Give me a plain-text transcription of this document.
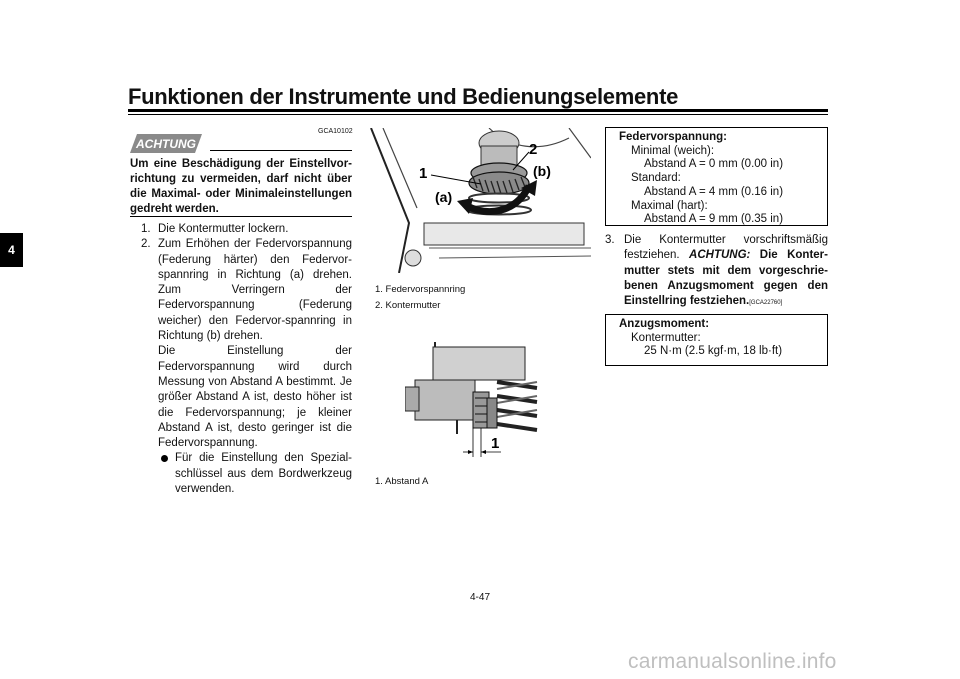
Funktionen der Instrumente und Bedienungselemente
4
GCA10102
ACHTUNG
Um eine Beschädigung der Einstellvor-richtung zu vermeiden, darf nicht über die Maximal- oder Minimaleinstellungen gedreht werden.
1. Die Kontermutter lockern.

2. Zum Erhöhen der Federvorspannung (Federung härter) den Federvor-spannring in Richtung (a) drehen. Zum Verringern der Federvorspannung (Federung weicher) den Federvor-spannring in Richtung (b) drehen.

Die Einstellung der Federvorspannung wird durch Messung von Abstand A bestimmt. Je größer Abstand A ist, desto höher ist die Federvorspannung; je kleiner Abstand A ist, desto geringer ist die Federvorspannung.

Für die Einstellung den Spezial-schlüssel aus dem Bordwerkzeug verwenden.
1
2
(a)
(b)
1. Federvorspannring
2. Kontermutter
1
1. Abstand A
Federvorspannung:
Minimal (weich):
Abstand A = 0 mm (0.00 in)
Standard:
Abstand A = 4 mm (0.16 in)
Maximal (hart):
Abstand A = 9 mm (0.35 in)
3. Die Kontermutter vorschriftsmäßig festziehen. ACHTUNG: Die Konter-mutter stets mit dem vorgeschrie-benen Anzugsmoment gegen den Einstellring festziehen.[GCA22760]

Anzugsmoment:
Kontermutter:
25 N·m (2.5 kgf·m, 18 lb·ft)
4-47
carmanualsonline.info
